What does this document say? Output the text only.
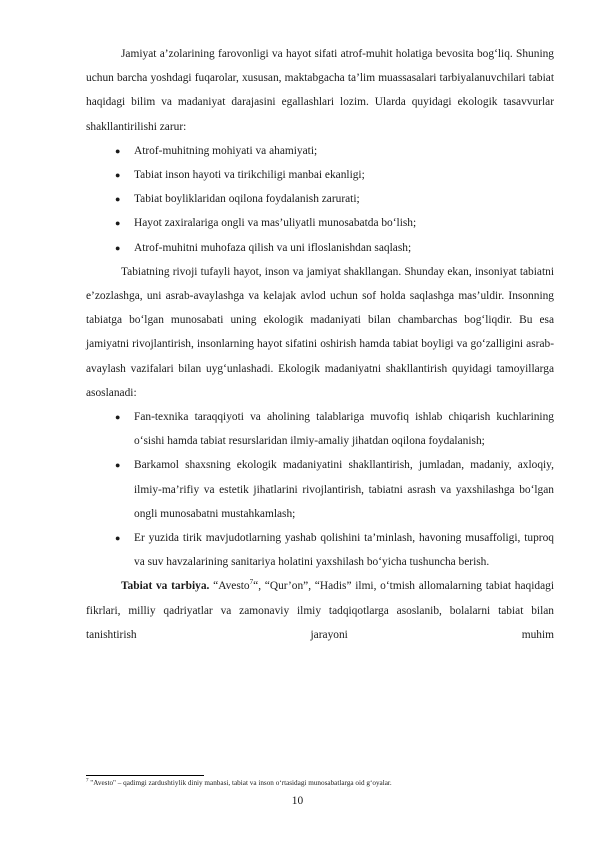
Jamiyat a’zolarining farovonligi va hayot sifati atrof-muhit holatiga bevosita bog‘liq. Shuning uchun barcha yoshdagi fuqarolar, xususan, maktabgacha ta’lim muassasalari tarbiyalanuvchilari tabiat haqidagi bilim va madaniyat darajasini egallashlari lozim. Ularda quyidagi ekologik tasavvurlar shakllantirilishi zarur:

● Atrof-muhitning mohiyati va ahamiyati;
● Tabiat inson hayoti va tirikchiligi manbai ekanligi;
● Tabiat boyliklaridan oqilona foydalanish zarurati;
● Hayot zaxiralariga ongli va mas’uliyatli munosabatda bo‘lish;
● Atrof-muhitni muhofaza qilish va uni ifloslanishdan saqlash;

Tabiatning rivoji tufayli hayot, inson va jamiyat shakllangan. Shunday ekan, insoniyat tabiatni e’zozlashga, uni asrab-avaylashga va kelajak avlod uchun sof holda saqlashga mas’uldir. Insonning tabiatga bo‘lgan munosabati uning ekologik madaniyati bilan chambarchas bog‘liqdir. Bu esa jamiyatni rivojlantirish, insonlarning hayot sifatini oshirish hamda tabiat boyligi va go‘zalligini asrab-avaylash vazifalari bilan uyg‘unlashadi. Ekologik madaniyatni shakllantirish quyidagi tamoyillarga asoslanadi:

● Fan-texnika taraqqiyoti va aholining talablariga muvofiq ishlab chiqarish kuchlarining o‘sishi hamda tabiat resurslaridan ilmiy-amaliy jihatdan oqilona foydalanish;
● Barkamol shaxsning ekologik madaniyatini shakllantirish, jumladan, madaniy, axloqiy, ilmiy-ma’rifiy va estetik jihatlarini rivojlantirish, tabiatni asrash va yaxshilashga bo‘lgan ongli munosabatni mustahkamlash;
● Er yuzida tirik mavjudotlarning yashab qolishini ta’minlash, havoning musaffoligi, tuproq va suv havzalarining sanitariya holatini yaxshilash bo‘yicha tushuncha berish.

Tabiat va tarbiya. “Avesto$^7$“, “Qur’on”, “Hadis” ilmi, o‘tmish allomalarning tabiat haqidagi fikrlari, milliy qadriyatlar va zamonaviy ilmiy tadqiqotlarga asoslanib, bolalarni tabiat bilan tanishtirish jarayoni muhim

$^7$ "Avesto" – qadimgi zardushtiylik diniy manbasi, tabiat va inson o‘rtasidagi munosabatlarga oid g‘oyalar.
10
